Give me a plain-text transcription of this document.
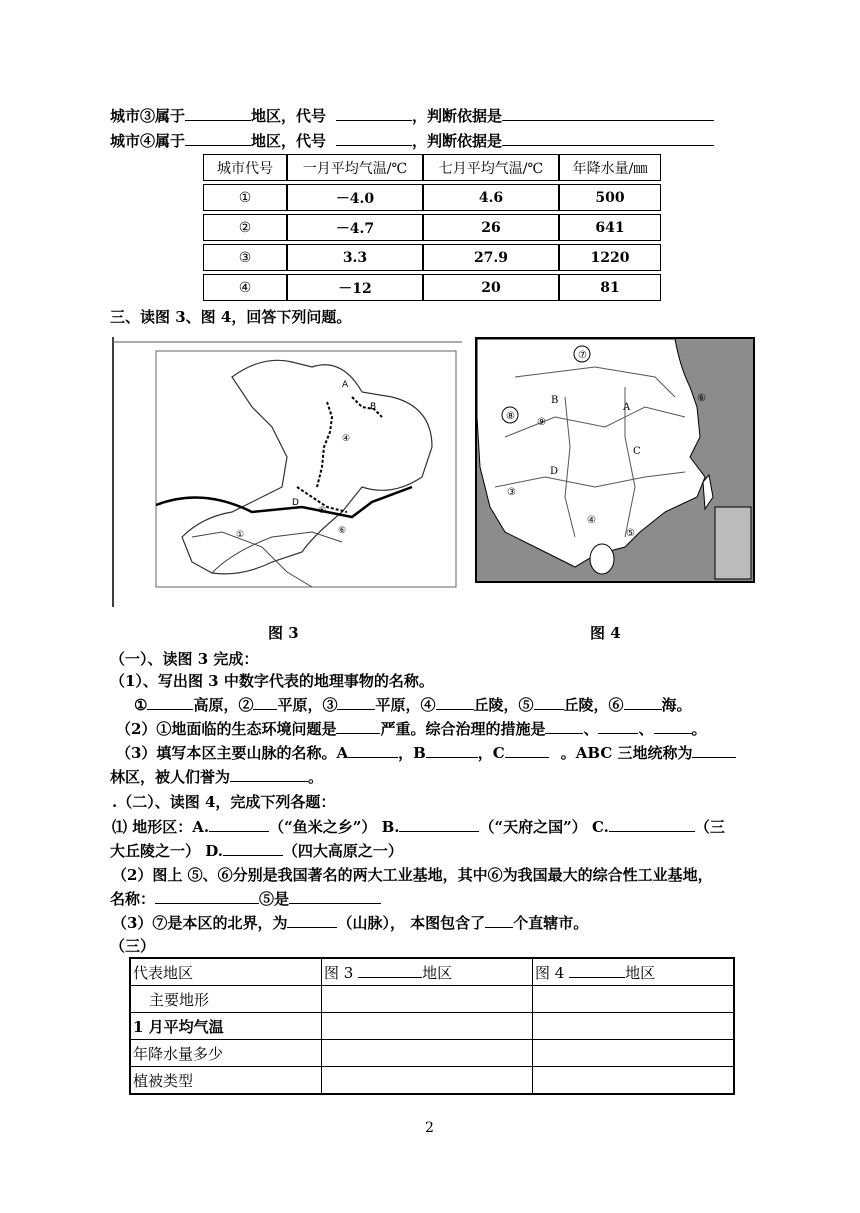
城市③属于	地区，代号	，判断依据是
城市④属于	地区，代号	，判断依据是
城市代号	一月平均气温/℃	七月平均气温/℃	年降水量/㎜
①	－4.0	4.6	500
②	－4.7	26	641
③	3.3	27.9	1220
④	－12	20	81
三、读图 3、图 4，回答下列问题。
A
B
D
①
④
⑤
⑥
⑦
⑧
⑨
B
A
D
C
③
④
⑤
⑥
图 3	图 4
（一）、读图 3 完成：
（1）、写出图 3 中数字代表的地理事物的名称。
①	高原，② 平原，③	平原，④	丘陵，⑤ 丘陵，⑥	海。
（2）①地面临的生态环境问题是	严重。综合治理的措施是	、	、	。
（3）填写本区主要山脉的名称。A	，B	，C	。ABC 三地统称为
林区，被人们誉为	。
.（二）、读图 4，完成下列各题：
⑴ 地形区：A.	（“鱼米之乡”） B.	（“天府之国”） C.	（三
大丘陵之一） D.	（四大高原之一）
（2）图上 ⑤、⑥分别是我国著名的两大工业基地，其中⑥为我国最大的综合性工业基地，
名称：	⑤是
（3）⑦是本区的北界，为	（山脉）， 本图包含了 个直辖市。
（三）
代表地区	图 3 地区	图 4 地区
主要地形		
1 月平均气温		
年降水量多少		
植被类型		
2
